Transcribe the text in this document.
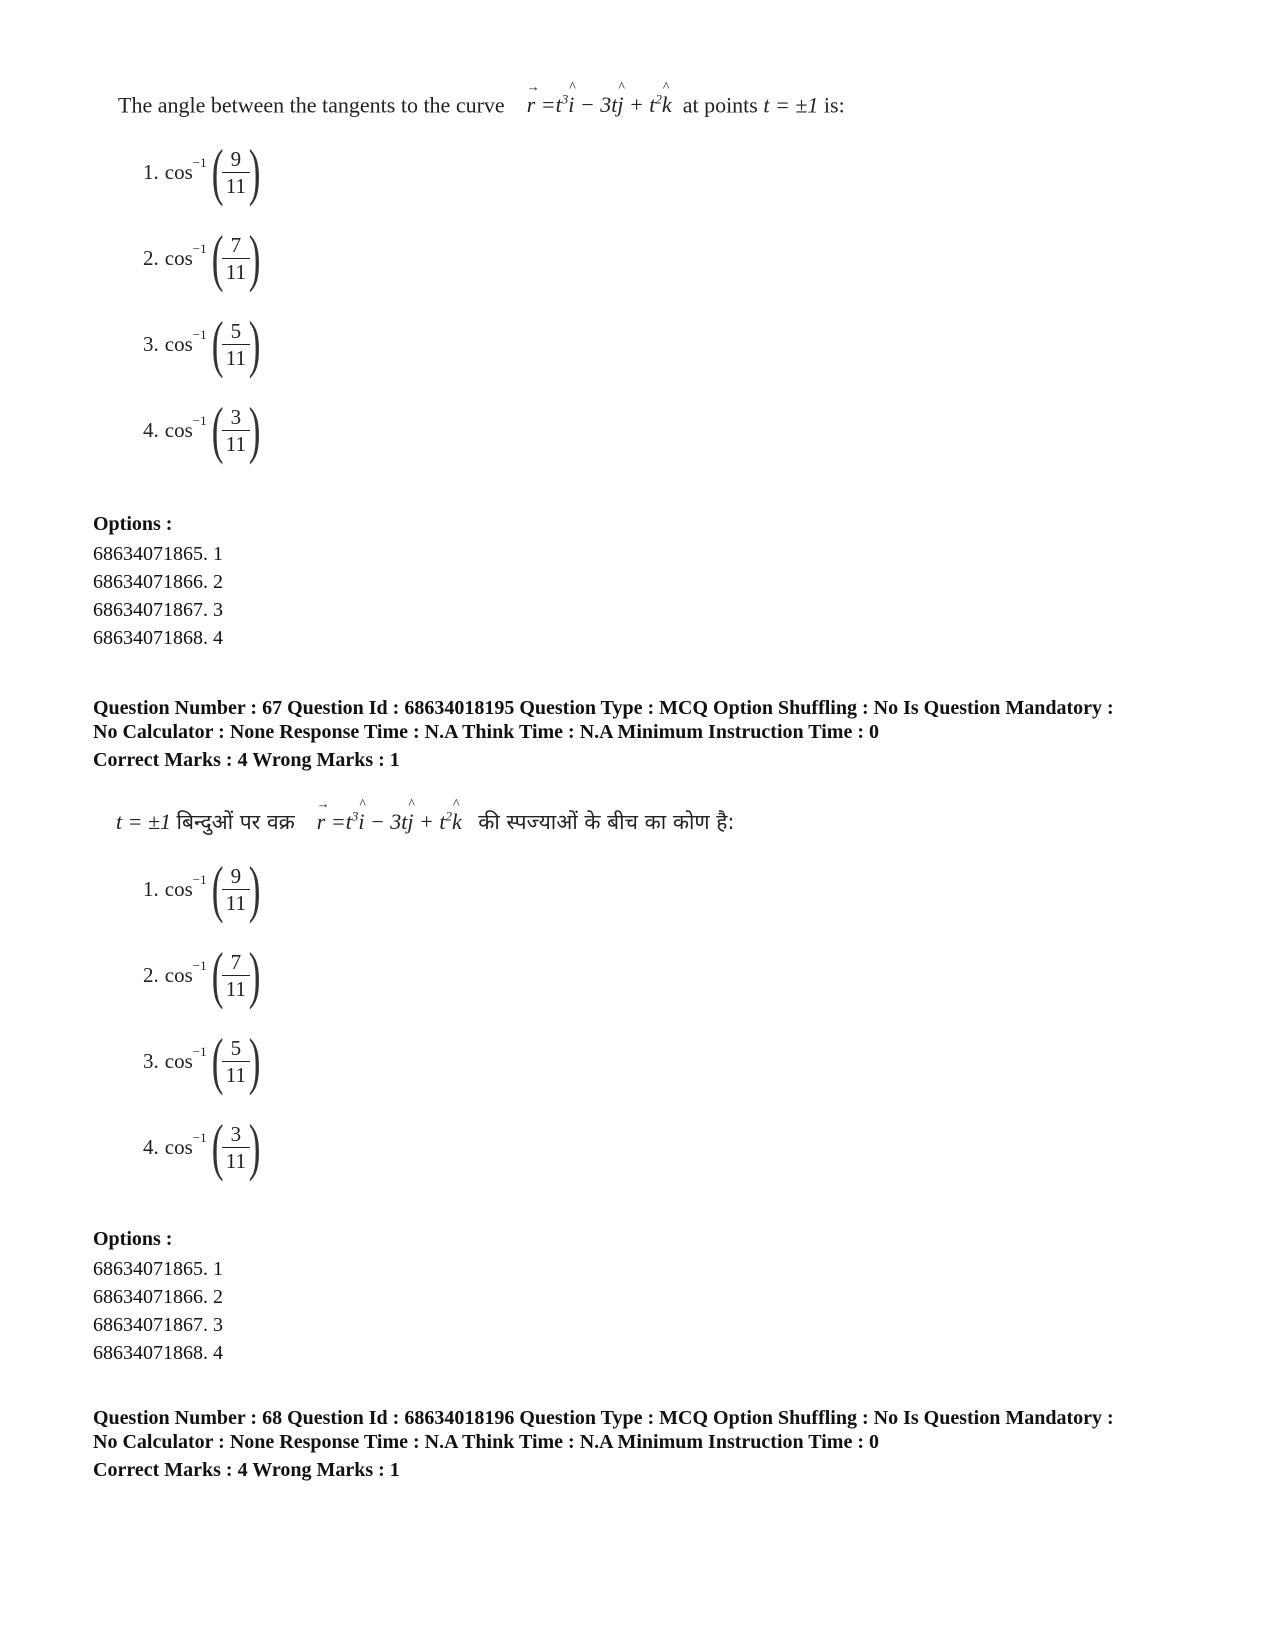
The angle between the tangents to the curve → $r =t^3\^{}$ i − 3t^ $j + t^2\^{}$ k at points t = ±1 is:
1. $\cos^{-1}$ (
$\frac{9}{11}$
)
2. $\cos^{-1}$ (
$\frac{7}{11}$
)
3. $\cos^{-1}$ (
$\frac{5}{11}$
)
4. $\cos^{-1}$ (
$\frac{3}{11}$
)
Options :
68634071865. 1
68634071866. 2
68634071867. 3
68634071868. 4
Question Number : 67 Question Id : 68634018195 Question Type : MCQ Option Shuffling : No Is Question Mandatory :
No Calculator : None Response Time : N.A Think Time : N.A Minimum Instruction Time : 0
Correct Marks : 4 Wrong Marks : 1
t = ±1 बिन्दुओं पर वक्र → $r =t^3\^{}$ i − 3t^ $j + t^2\^{}$ k की स्पज्याओं के बीच का कोण है:
1. $\cos^{-1}$ (
$\frac{9}{11}$
)
2. $\cos^{-1}$ (
$\frac{7}{11}$
)
3. $\cos^{-1}$ (
$\frac{5}{11}$
)
4. $\cos^{-1}$ (
$\frac{3}{11}$
)
Options :
68634071865. 1
68634071866. 2
68634071867. 3
68634071868. 4
Question Number : 68 Question Id : 68634018196 Question Type : MCQ Option Shuffling : No Is Question Mandatory :
No Calculator : None Response Time : N.A Think Time : N.A Minimum Instruction Time : 0
Correct Marks : 4 Wrong Marks : 1
